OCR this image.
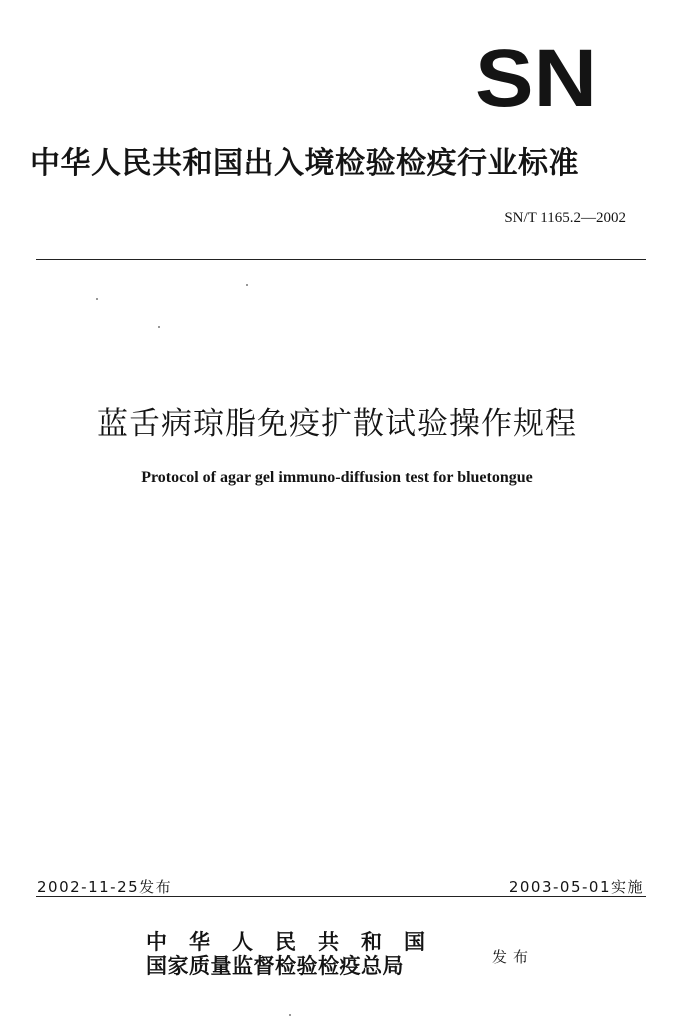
SN
中华人民共和国出入境检验检疫行业标准
SN/T 1165.2—2002
蓝舌病琼脂免疫扩散试验操作规程
Protocol of agar gel immuno-diffusion test for bluetongue
2002-11-25发布	2003-05-01实施
中华人民共和国
国家质量监督检验检疫总局	发布
